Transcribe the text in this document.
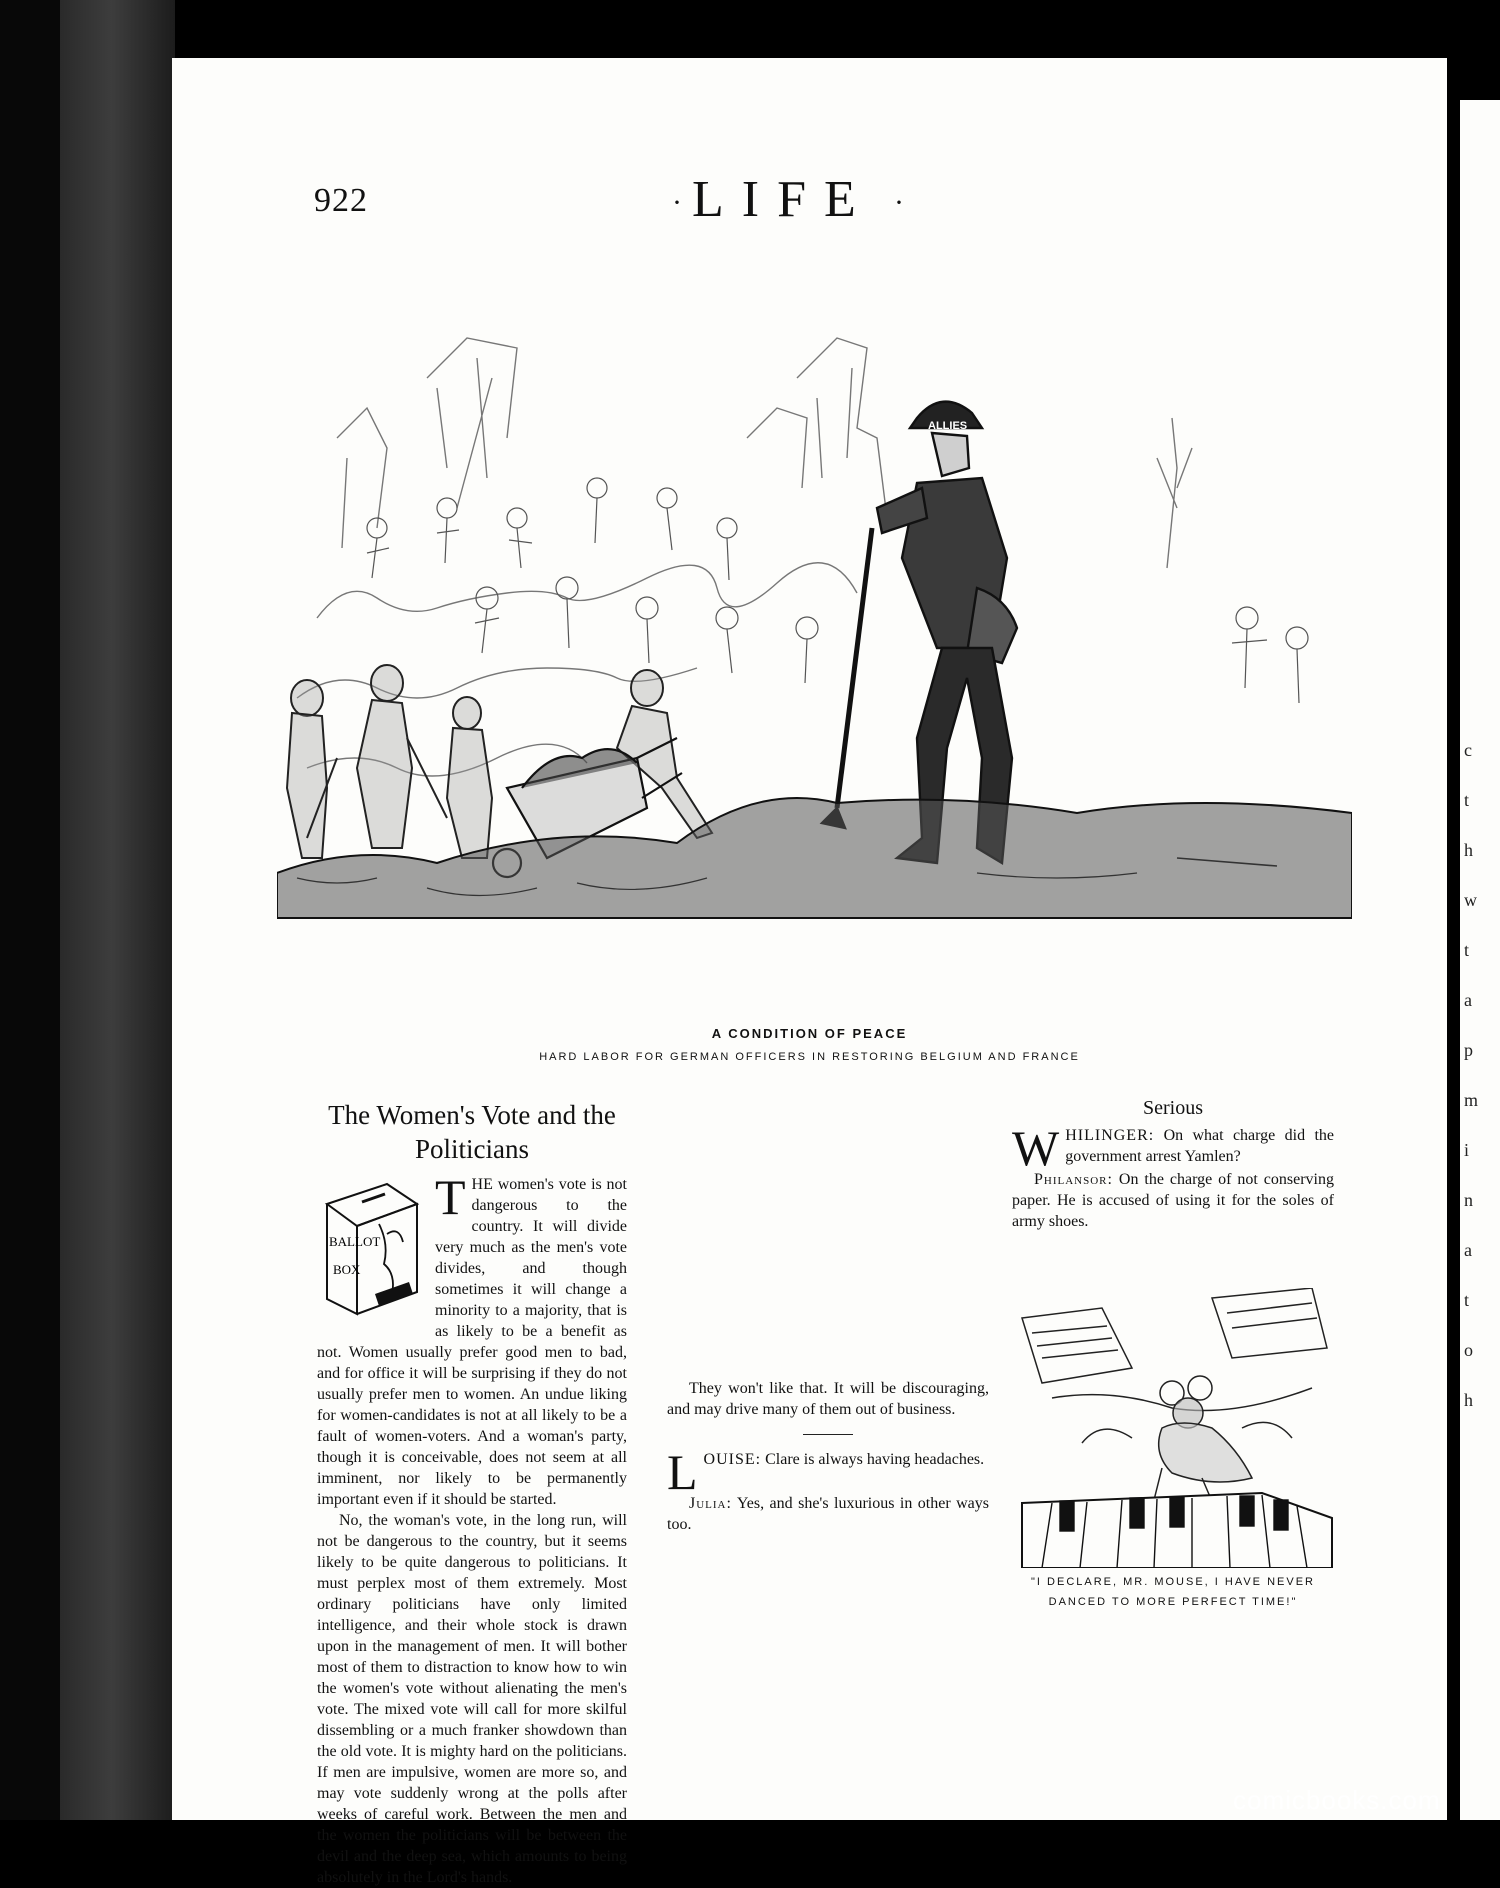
c
t
h
w
t
a
p
m
i
n
a
t
o
h
922	· LIFE ·
ALLIES
A CONDITION OF PEACE
HARD LABOR FOR GERMAN OFFICERS IN RESTORING BELGIUM AND FRANCE
The Women's Vote and the Politicians
BALLOT
BOX

THE women's vote is not dangerous to the country. It will divide very much as the men's vote divides, and though sometimes it will change a minority to a majority, that is as likely to be a benefit as not. Women usually prefer good men to bad, and for office it will be surprising if they do not usually prefer men to women. An undue liking for women-candidates is not at all likely to be a fault of women-voters. And a woman's party, though it is conceivable, does not seem at all imminent, nor likely to be permanently important even if it should be started.

No, the woman's vote, in the long run, will not be dangerous to the country, but it seems likely to be quite dangerous to politicians. It must perplex most of them extremely. Most ordinary politicians have only limited intelligence, and their whole stock is drawn upon in the management of men. It will bother most of them to distraction to know how to win the women's vote without alienating the men's vote. The mixed vote will call for more skilful dissembling or a much franker showdown than the old vote. It is mighty hard on the politicians. If men are impulsive, women are more so, and may vote suddenly wrong at the polls after weeks of careful work. Between the men and the women the politicians will be between the devil and the deep sea, which amounts to being absolutely in the Lord's hands.

They won't like that. It will be discouraging, and may drive many of them out of business.

LOUISE: Clare is always having headaches.

Julia: Yes, and she's luxurious in other ways too.

Serious

WHILINGER: On what charge did the government arrest Yamlen?

Philansor: On the charge of not conserving paper. He is accused of using it for the soles of army shoes.

"I DECLARE, MR. MOUSE, I HAVE NEVER
DANCED TO MORE PERFECT TIME!"
comicbooks.com
